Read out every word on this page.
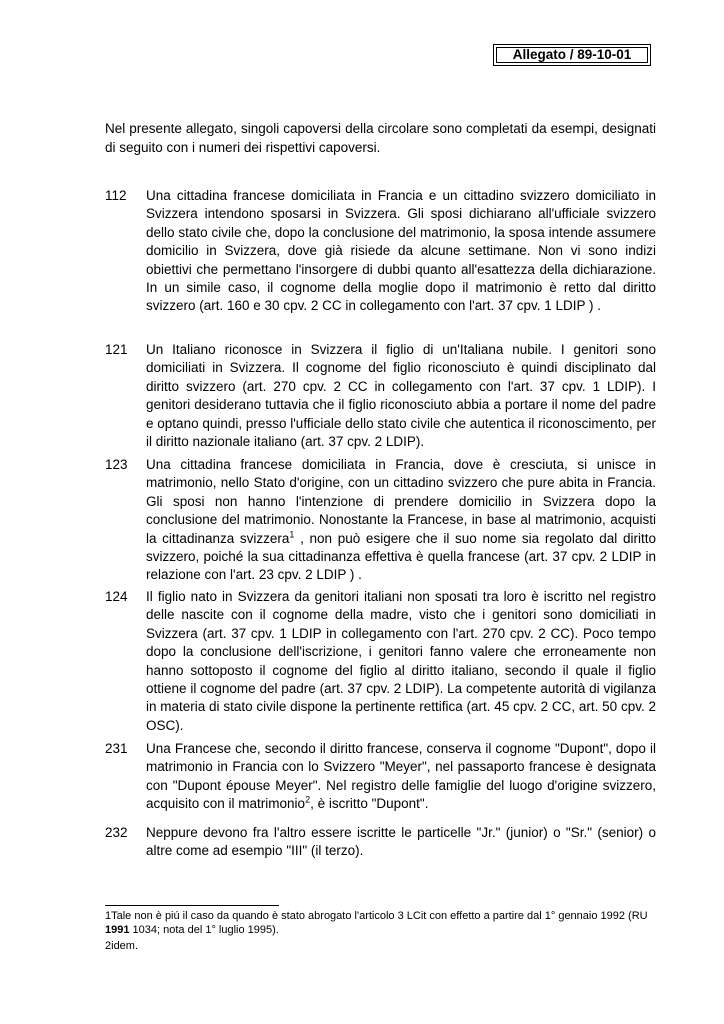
Allegato / 89-10-01

Nel presente allegato, singoli capoversi della circolare sono completati da esempi, designati di seguito con i numeri dei rispettivi capoversi.

112	Una cittadina francese domiciliata in Francia e un cittadino svizzero domiciliato in Svizzera intendono sposarsi in Svizzera. Gli sposi dichiarano all'ufficiale svizzero dello stato civile che, dopo la conclusione del matrimonio, la sposa intende assumere domicilio in Svizzera, dove già risiede da alcune settimane. Non vi sono indizi obiettivi che permettano l'insorgere di dubbi quanto all'esattezza della dichiarazione. In un simile caso, il cognome della moglie dopo il matrimonio è retto dal diritto svizzero (art. 160 e 30 cpv. 2 CC in collegamento con l'art. 37 cpv. 1 LDIP ) .
121	Un Italiano riconosce in Svizzera il figlio di un'Italiana nubile. I genitori sono domiciliati in Svizzera. Il cognome del figlio riconosciuto è quindi disciplinato dal diritto svizzero (art. 270 cpv. 2 CC in collegamento con l'art. 37 cpv. 1 LDIP). I genitori desiderano tuttavia che il figlio riconosciuto abbia a portare il nome del padre e optano quindi, presso l'ufficiale dello stato civile che autentica il riconoscimento, per il diritto nazionale italiano (art. 37 cpv. 2 LDIP).
123	Una cittadina francese domiciliata in Francia, dove è cresciuta, si unisce in matrimonio, nello Stato d'origine, con un cittadino svizzero che pure abita in Francia. Gli sposi non hanno l'intenzione di prendere domicilio in Svizzera dopo la conclusione del matrimonio. Nonostante la Francese, in base al matrimonio, acquisti la cittadinanza svizzera$^1$ , non può esigere che il suo nome sia regolato dal diritto svizzero, poiché la sua cittadinanza effettiva è quella francese (art. 37 cpv. 2 LDIP in relazione con l'art. 23 cpv. 2 LDIP ) .
124	Il figlio nato in Svizzera da genitori italiani non sposati tra loro è iscritto nel registro delle nascite con il cognome della madre, visto che i genitori sono domiciliati in Svizzera (art. 37 cpv. 1 LDIP in collegamento con l'art. 270 cpv. 2 CC). Poco tempo dopo la conclusione dell'iscrizione, i genitori fanno valere che erroneamente non hanno sottoposto il cognome del figlio al diritto italiano, secondo il quale il figlio ottiene il cognome del padre (art. 37 cpv. 2 LDIP). La competente autorità di vigilanza in materia di stato civile dispone la pertinente rettifica (art. 45 cpv. 2 CC, art. 50 cpv. 2 OSC).
231	Una Francese che, secondo il diritto francese, conserva il cognome "Dupont", dopo il matrimonio in Francia con lo Svizzero "Meyer", nel passaporto francese è designata con "Dupont épouse Meyer". Nel registro delle famiglie del luogo d'origine svizzero, acquisito con il matrimonio$^2$, è iscritto "Dupont".
232	Neppure devono fra l'altro essere iscritte le particelle "Jr." (junior) o "Sr." (senior) o altre come ad esempio "III" (il terzo).
1Tale non è piú il caso da quando è stato abrogato l'articolo 3 LCit con effetto a partire dal 1° gennaio 1992 (RU 1991 1034; nota del 1° luglio 1995).
2idem.
